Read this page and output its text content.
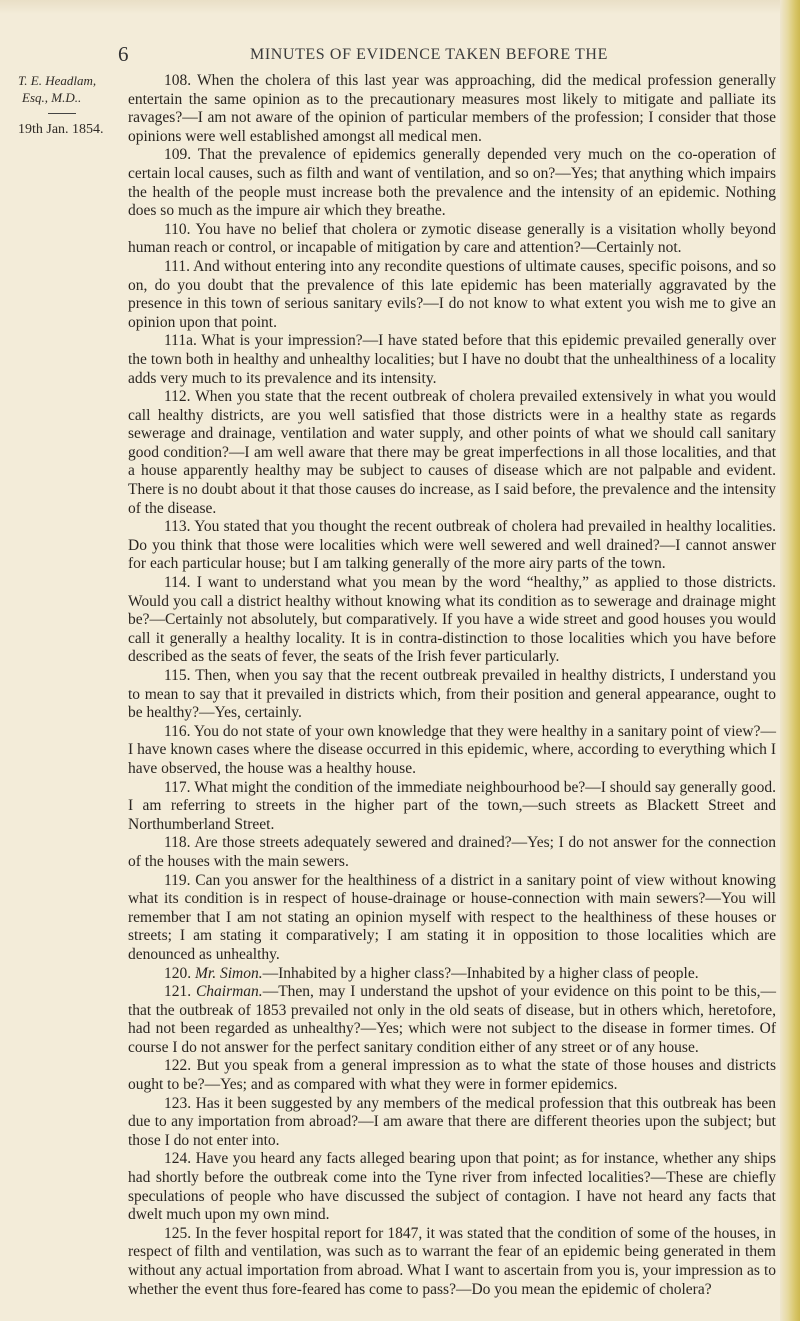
6	MINUTES OF EVIDENCE TAKEN BEFORE THE
T. E. Headlam,
Esq., M.D..
19th Jan. 1854.

108. When the cholera of this last year was approaching, did the medical profession generally entertain the same opinion as to the precautionary measures most likely to mitigate and palliate its ravages?—I am not aware of the opinion of particular members of the profession; I consider that those opinions were well established amongst all medical men.

109. That the prevalence of epidemics generally depended very much on the co-operation of certain local causes, such as filth and want of ventilation, and so on?—Yes; that anything which impairs the health of the people must increase both the prevalence and the intensity of an epidemic. Nothing does so much as the impure air which they breathe.

110. You have no belief that cholera or zymotic disease generally is a visitation wholly beyond human reach or control, or incapable of mitigation by care and attention?—Certainly not.

111. And without entering into any recondite questions of ultimate causes, specific poisons, and so on, do you doubt that the prevalence of this late epidemic has been materially aggravated by the presence in this town of serious sanitary evils?—I do not know to what extent you wish me to give an opinion upon that point.

111a. What is your impression?—I have stated before that this epidemic prevailed generally over the town both in healthy and unhealthy localities; but I have no doubt that the unhealthiness of a locality adds very much to its prevalence and its intensity.

112. When you state that the recent outbreak of cholera prevailed extensively in what you would call healthy districts, are you well satisfied that those districts were in a healthy state as regards sewerage and drainage, ventilation and water supply, and other points of what we should call sanitary good condition?—I am well aware that there may be great imperfections in all those localities, and that a house apparently healthy may be subject to causes of disease which are not palpable and evident. There is no doubt about it that those causes do increase, as I said before, the prevalence and the intensity of the disease.

113. You stated that you thought the recent outbreak of cholera had prevailed in healthy localities. Do you think that those were localities which were well sewered and well drained?—I cannot answer for each particular house; but I am talking generally of the more airy parts of the town.

114. I want to understand what you mean by the word “healthy,” as applied to those districts. Would you call a district healthy without knowing what its condition as to sewerage and drainage might be?—Certainly not absolutely, but comparatively. If you have a wide street and good houses you would call it generally a healthy locality. It is in contra-distinction to those localities which you have before described as the seats of fever, the seats of the Irish fever particularly.

115. Then, when you say that the recent outbreak prevailed in healthy districts, I understand you to mean to say that it prevailed in districts which, from their position and general appearance, ought to be healthy?—Yes, certainly.

116. You do not state of your own knowledge that they were healthy in a sanitary point of view?—I have known cases where the disease occurred in this epidemic, where, according to everything which I have observed, the house was a healthy house.

117. What might the condition of the immediate neighbourhood be?—I should say generally good. I am referring to streets in the higher part of the town,—such streets as Blackett Street and Northumberland Street.

118. Are those streets adequately sewered and drained?—Yes; I do not answer for the connection of the houses with the main sewers.

119. Can you answer for the healthiness of a district in a sanitary point of view without knowing what its condition is in respect of house-drainage or house-connection with main sewers?—You will remember that I am not stating an opinion myself with respect to the healthiness of these houses or streets; I am stating it comparatively; I am stating it in opposition to those localities which are denounced as unhealthy.

120. Mr. Simon.—Inhabited by a higher class?—Inhabited by a higher class of people.

121. Chairman.—Then, may I understand the upshot of your evidence on this point to be this,—that the outbreak of 1853 prevailed not only in the old seats of disease, but in others which, heretofore, had not been regarded as unhealthy?—Yes; which were not subject to the disease in former times. Of course I do not answer for the perfect sanitary condition either of any street or of any house.

122. But you speak from a general impression as to what the state of those houses and districts ought to be?—Yes; and as compared with what they were in former epidemics.

123. Has it been suggested by any members of the medical profession that this outbreak has been due to any importation from abroad?—I am aware that there are different theories upon the subject; but those I do not enter into.

124. Have you heard any facts alleged bearing upon that point; as for instance, whether any ships had shortly before the outbreak come into the Tyne river from infected localities?—These are chiefly speculations of people who have discussed the subject of contagion. I have not heard any facts that dwelt much upon my own mind.

125. In the fever hospital report for 1847, it was stated that the condition of some of the houses, in respect of filth and ventilation, was such as to warrant the fear of an epidemic being generated in them without any actual importation from abroad. What I want to ascertain from you is, your impression as to whether the event thus fore-feared has come to pass?—Do you mean the epidemic of cholera?
